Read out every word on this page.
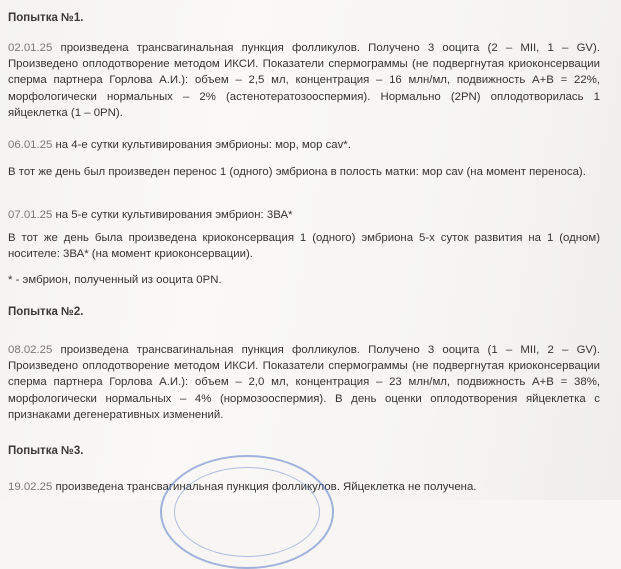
Попытка №1.

02.01.25 произведена трансвагинальная пункция фолликулов. Получено 3 ооцита (2 – MII, 1 – GV). Произведено оплодотворение методом ИКСИ. Показатели спермограммы (не подвергнутая криоконсервации сперма партнера Горлова А.И.): объем – 2,5 мл, концентрация – 16 млн/мл, подвижность А+В = 22%, морфологически нормальных – 2% (астенотератозооспермия). Нормально (2PN) оплодотворилась 1 яйцеклетка (1 – 0PN).

06.01.25 на 4-е сутки культивирования эмбрионы: мор, мор cav*.

В тот же день был произведен перенос 1 (одного) эмбриона в полость матки: мор cav (на момент переноса).

07.01.25 на 5-е сутки культивирования эмбрион: 3ВА*

В тот же день была произведена криоконсервация 1 (одного) эмбриона 5-х суток развития на 1 (одном) носителе: 3ВА* (на момент криоконсервации).

* - эмбрион, полученный из ооцита 0PN.

Попытка №2.

08.02.25 произведена трансвагинальная пункция фолликулов. Получено 3 ооцита (1 – MII, 2 – GV). Произведено оплодотворение методом ИКСИ. Показатели спермограммы (не подвергнутая криоконсервации сперма партнера Горлова А.И.): объем – 2,0 мл, концентрация – 23 млн/мл, подвижность А+В = 38%, морфологически нормальных – 4% (нормозооспермия). В день оценки оплодотворения яйцеклетка с признаками дегенеративных изменений.

Попытка №3.

19.02.25 произведена трансвагинальная пункция фолликулов. Яйцеклетка не получена.
